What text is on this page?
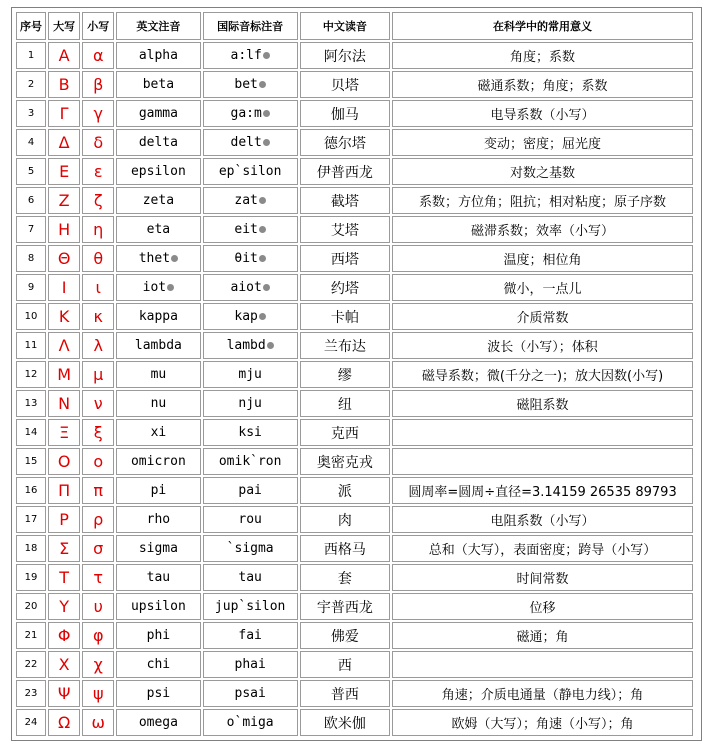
序号	大写	小写	英文注音	国际音标注音	中文读音	在科学中的常用意义
1	Α	α	alpha	a:lf	阿尔法	角度；系数
2	Β	β	beta	bet	贝塔	磁通系数；角度；系数
3	Γ	γ	gamma	ga:m	伽马	电导系数（小写）
4	Δ	δ	delta	delt	德尔塔	变动；密度；屈光度
5	Ε	ε	epsilon	ep`silon	伊普西龙	对数之基数
6	Ζ	ζ	zeta	zat	截塔	系数；方位角；阻抗；相对粘度；原子序数
7	Η	η	eta	eit	艾塔	磁滞系数；效率（小写）
8	Θ	θ	thet	θit	西塔	温度；相位角
9	Ι	ι	iot	aiot	约塔	微小，一点儿
10	Κ	κ	kappa	kap	卡帕	介质常数
11	Λ	λ	lambda	lambd	兰布达	波长（小写）；体积
12	Μ	μ	mu	mju	缪	磁导系数；微(千分之一)；放大因数(小写)
13	Ν	ν	nu	nju	纽	磁阻系数
14	Ξ	ξ	xi	ksi	克西	
15	Ο	ο	omicron	omik`ron	奥密克戎	
16	Π	π	pi	pai	派	圆周率=圆周÷直径=3.14159 26535 89793
17	Ρ	ρ	rho	rou	肉	电阻系数（小写）
18	Σ	σ	sigma	`sigma	西格马	总和（大写），表面密度；跨导（小写）
19	Τ	τ	tau	tau	套	时间常数
20	Υ	υ	upsilon	jup`silon	宇普西龙	位移
21	Φ	φ	phi	fai	佛爱	磁通；角
22	Χ	χ	chi	phai	西	
23	Ψ	ψ	psi	psai	普西	角速；介质电通量（静电力线）；角
24	Ω	ω	omega	o`miga	欧米伽	欧姆（大写）；角速（小写）；角
